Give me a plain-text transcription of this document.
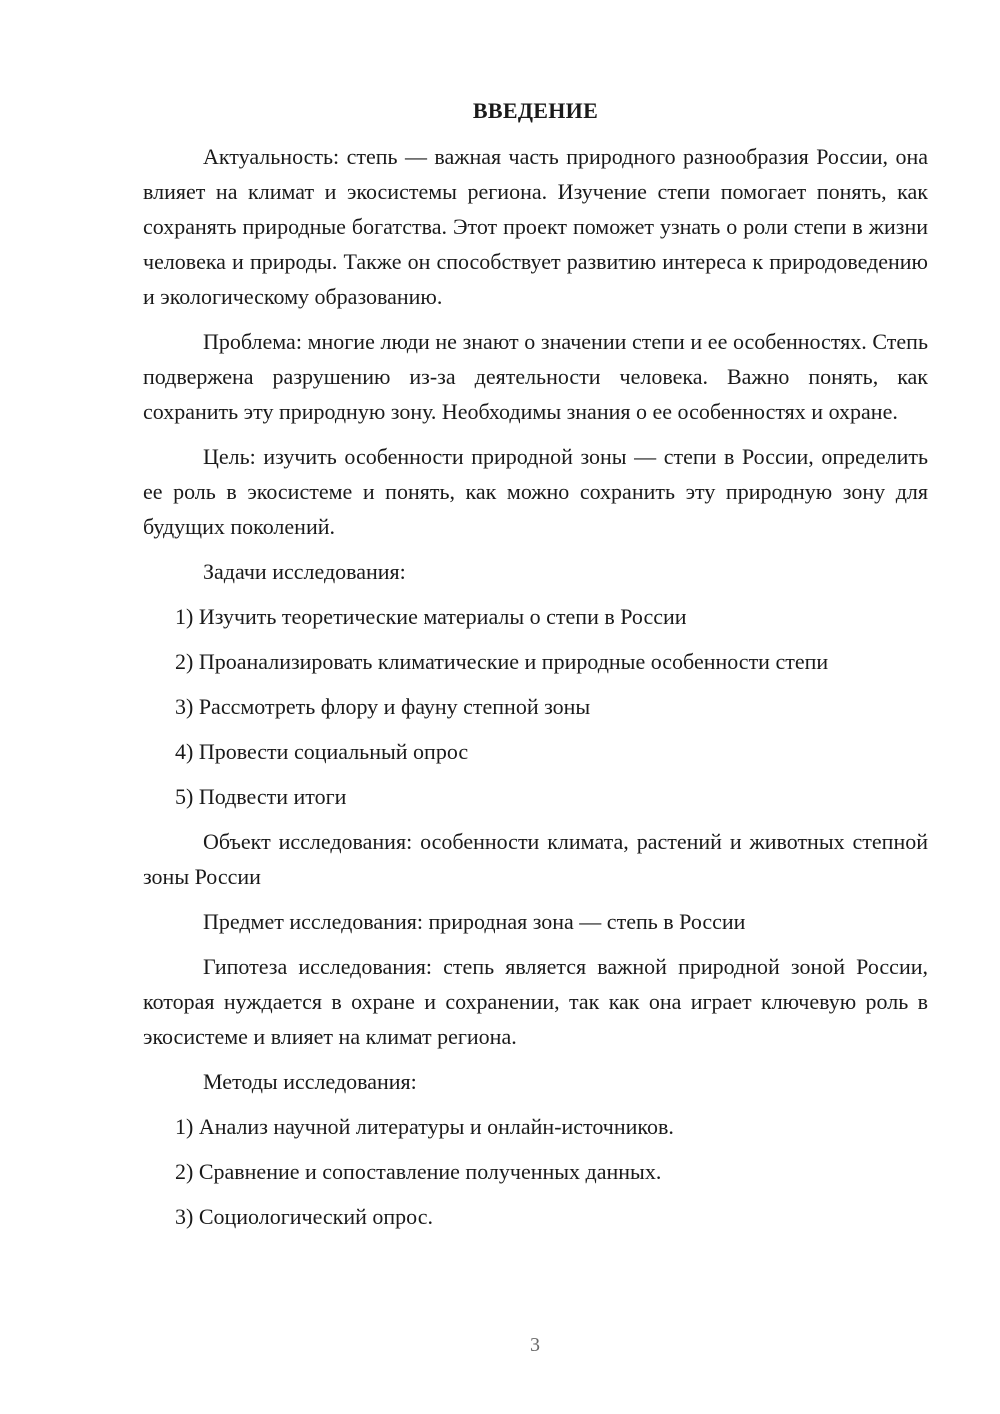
ВВЕДЕНИЕ

Актуальность: степь — важная часть природного разнообразия России, она влияет на климат и экосистемы региона. Изучение степи помогает понять, как сохранять природные богатства. Этот проект поможет узнать о роли степи в жизни человека и природы. Также он способствует развитию интереса к природоведению и экологическому образованию.

Проблема: многие люди не знают о значении степи и ее особенностях. Степь подвержена разрушению из-за деятельности человека. Важно понять, как сохранить эту природную зону. Необходимы знания о ее особенностях и охране.

Цель: изучить особенности природной зоны — степи в России, определить ее роль в экосистеме и понять, как можно сохранить эту природную зону для будущих поколений.

Задачи исследования:
1) Изучить теоретические материалы о степи в России
2) Проанализировать климатические и природные особенности степи
3) Рассмотреть флору и фауну степной зоны
4) Провести социальный опрос
5) Подвести итоги

Объект исследования: особенности климата, растений и животных степной зоны России

Предмет исследования: природная зона — степь в России

Гипотеза исследования: степь является важной природной зоной России, которая нуждается в охране и сохранении, так как она играет ключевую роль в экосистеме и влияет на климат региона.

Методы исследования:
1) Анализ научной литературы и онлайн-источников.
2) Сравнение и сопоставление полученных данных.
3) Социологический опрос.
3
